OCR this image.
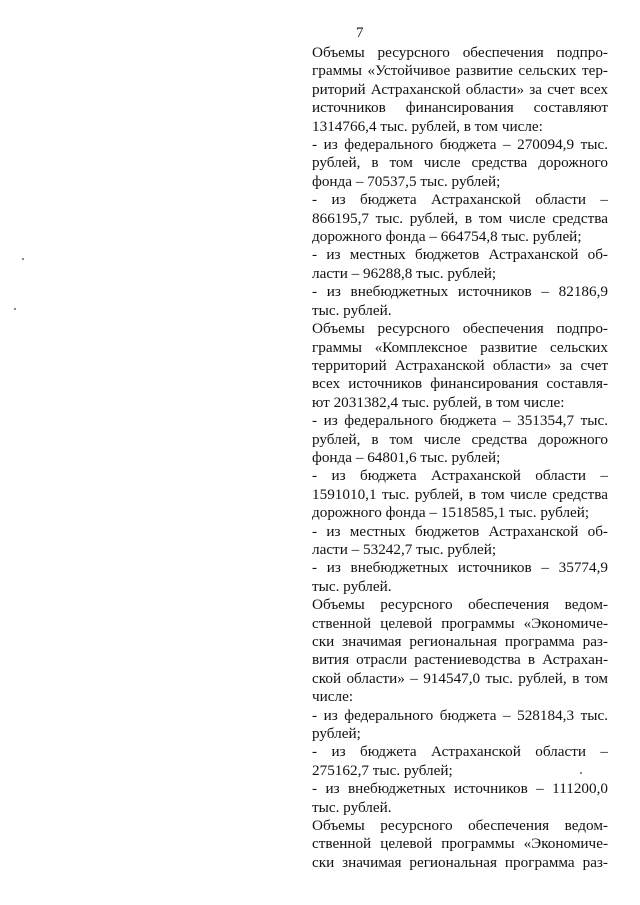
7
Объемы ресурсного обеспечения подпро-
граммы «Устойчивое развитие сельских тер-
риторий Астраханской области» за счет всех
источников финансирования составляют
1314766,4 тыс. рублей, в том числе:
- из федерального бюджета – 270094,9 тыс.
рублей, в том числе средства дорожного
фонда – 70537,5 тыс. рублей;
- из бюджета Астраханской области –
866195,7 тыс. рублей, в том числе средства
дорожного фонда – 664754,8 тыс. рублей;
- из местных бюджетов Астраханской об-
ласти – 96288,8 тыс. рублей;
- из внебюджетных источников – 82186,9
тыс. рублей.
Объемы ресурсного обеспечения подпро-
граммы «Комплексное развитие сельских
территорий Астраханской области» за счет
всех источников финансирования составля-
ют 2031382,4 тыс. рублей, в том числе:
- из федерального бюджета – 351354,7 тыс.
рублей, в том числе средства дорожного
фонда – 64801,6 тыс. рублей;
- из бюджета Астраханской области –
1591010,1 тыс. рублей, в том числе средства
дорожного фонда – 1518585,1 тыс. рублей;
- из местных бюджетов Астраханской об-
ласти – 53242,7 тыс. рублей;
- из внебюджетных источников – 35774,9
тыс. рублей.
Объемы ресурсного обеспечения ведом-
ственной целевой программы «Экономиче-
ски значимая региональная программа раз-
вития отрасли растениеводства в Астрахан-
ской области» – 914547,0 тыс. рублей, в том
числе:
- из федерального бюджета – 528184,3 тыс.
рублей;
- из бюджета Астраханской области –
275162,7 тыс. рублей;
- из внебюджетных источников – 111200,0
тыс. рублей.
Объемы ресурсного обеспечения ведом-
ственной целевой программы «Экономиче-
ски значимая региональная программа раз-
